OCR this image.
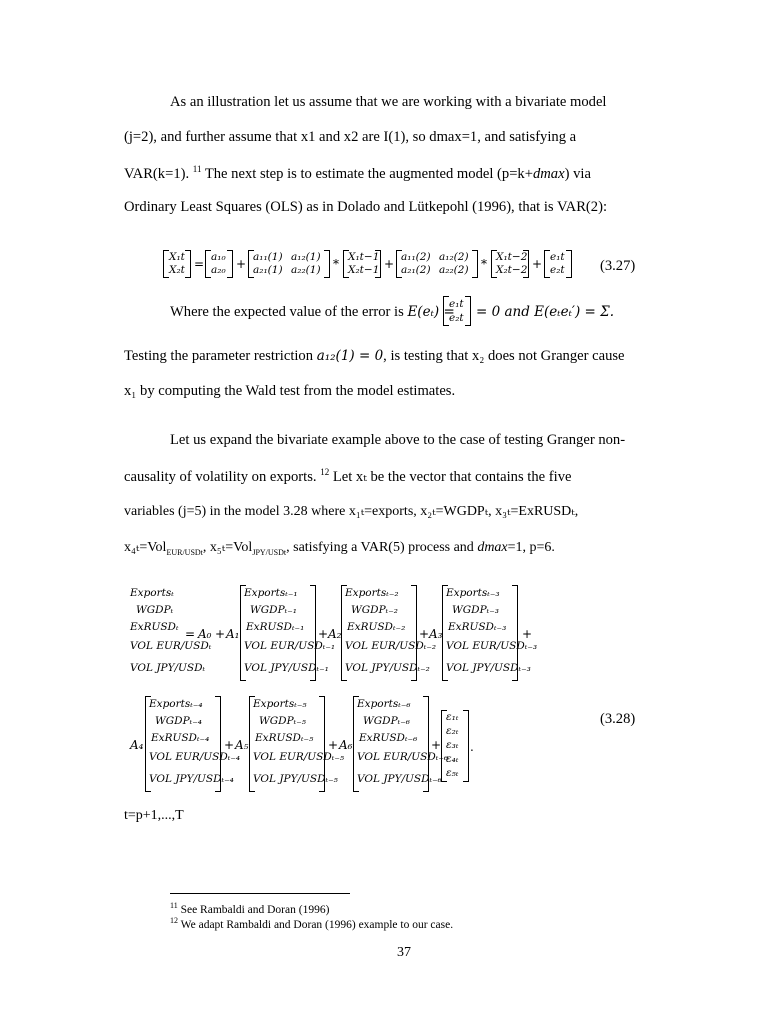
As an illustration let us assume that we are working with a bivariate model
(j=2), and further assume that x1 and x2 are I(1), so dmax=1, and satisfying a
VAR(k=1). $^{11}$ The next step is to estimate the augmented model (p=k+dmax) via
Ordinary Least Squares (OLS) as in Dolado and Lütkepohl (1996), that is VAR(2):
X₁t
X₂t = a₁₀
a₂₀ + a₁₁(1) a₁₂(1)
a₂₁(1) a₂₂(1) * X₁t−1
X₂t−1 + a₁₁(2) a₁₂(2)
a₂₁(2) a₂₂(2) * X₁t−2
X₂t−2 + e₁t
e₂t (3.27)
Where the expected value of the error is E(eₜ) =
e₁t
e₂t = 0 and E(eₜeₜ′) = Σ.
Testing the parameter restriction a₁₂(1) = 0, is testing that x₂ does not Granger cause
x₁ by computing the Wald test from the model estimates.
Let us expand the bivariate example above to the case of testing Granger non-
causality of volatility on exports. $^{12}$ Let xₜ be the vector that contains the five
variables (j=5) in the model 3.28 where x₁ₜ=exports, x₂ₜ=WGDPₜ, x₃ₜ=ExRUSDₜ,
x₄ₜ=Vol$_{EUR/USDt}$, x₅ₜ=Vol$_{JPY/USDt}$, satisfying a VAR(5) process and dmax=1, p=6.
Exportsₜ
WGDPₜ
ExRUSDₜ
VOL EUR/USDₜ
VOL JPY/USDₜ
= A₀ + A₁
Exportsₜ₋₁
WGDPₜ₋₁
ExRUSDₜ₋₁
VOL EUR/USDₜ₋₁
VOL JPY/USDₜ₋₁
+ A₂
Exportsₜ₋₂
WGDPₜ₋₂
ExRUSDₜ₋₂
VOL EUR/USDₜ₋₂
VOL JPY/USDₜ₋₂
+ A₃
Exportsₜ₋₃
WGDPₜ₋₃
ExRUSDₜ₋₃
VOL EUR/USDₜ₋₃
VOL JPY/USDₜ₋₃
+
A₄
Exportsₜ₋₄
WGDPₜ₋₄
ExRUSDₜ₋₄
VOL EUR/USDₜ₋₄
VOL JPY/USDₜ₋₄
+ A₅
Exportsₜ₋₅
WGDPₜ₋₅
ExRUSDₜ₋₅
VOL EUR/USDₜ₋₅
VOL JPY/USDₜ₋₅
+ A₆
Exportsₜ₋₆
WGDPₜ₋₆
ExRUSDₜ₋₆
VOL EUR/USDₜ₋₆
VOL JPY/USDₜ₋₆
+
ε₁ₜ
ε₂ₜ
ε₃ₜ
ε₄ₜ
ε₅ₜ
.
(3.28)
t=p+1,...,T
$^{11}$ See Rambaldi and Doran (1996)
$^{12}$ We adapt Rambaldi and Doran (1996) example to our case.
37
